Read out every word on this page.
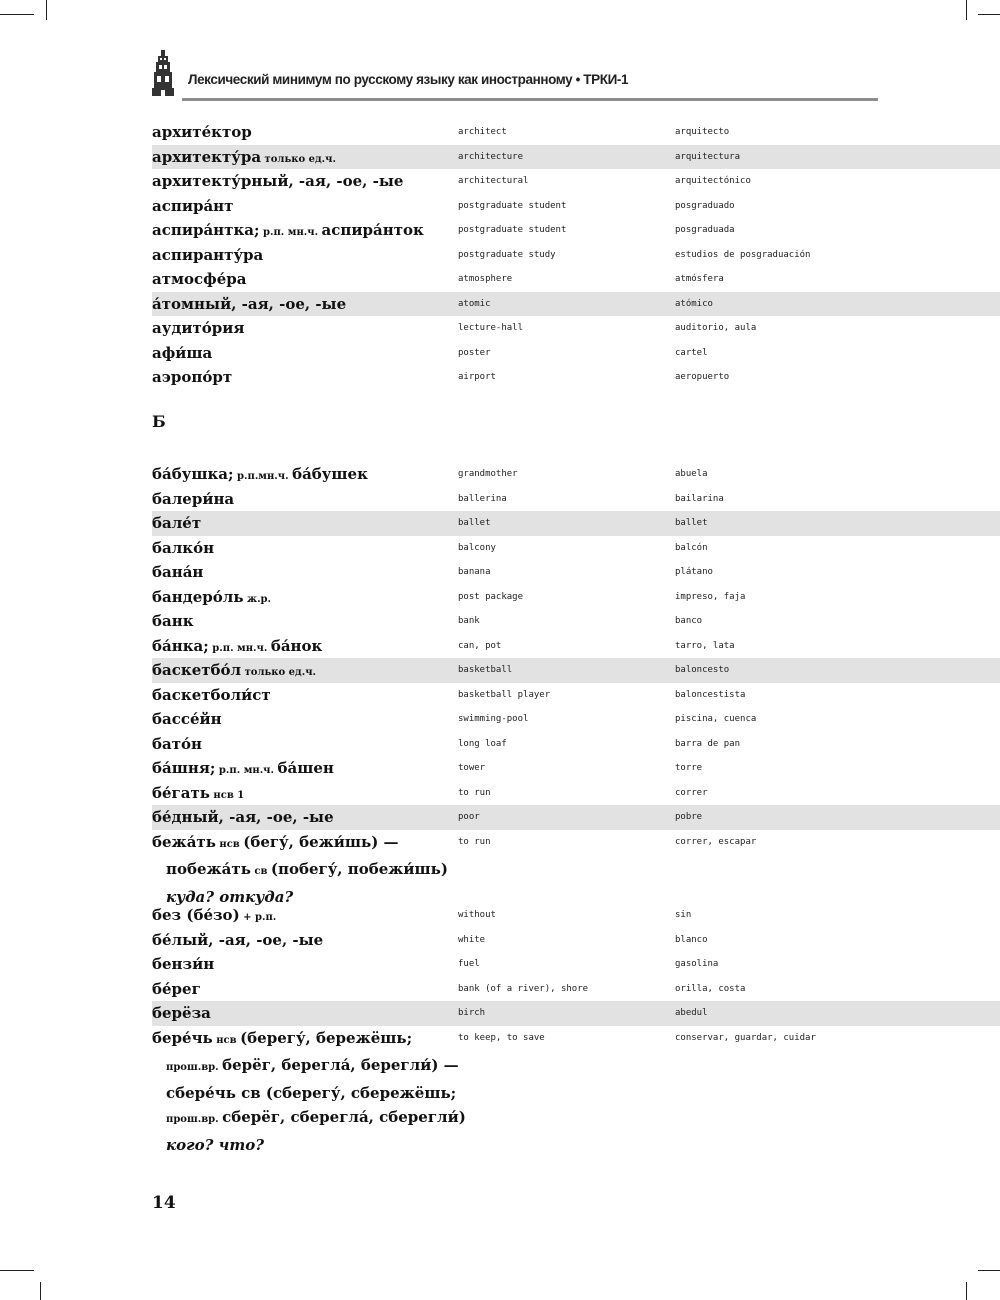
Лексический минимум по русскому языку как иностранному • ТРКИ-1
архите́ктор	architect	arquitecto
архитекту́ра только ед.ч.	architecture	arquitectura
архитекту́рный, -ая, -ое, -ые	architectural	arquitectónico
аспира́нт	postgraduate student	posgraduado
аспира́нтка; р.п. мн.ч. аспира́нток	postgraduate student	posgraduada
аспиранту́ра	postgraduate study	estudios de posgraduación
атмосфе́ра	atmosphere	atmósfera
а́томный, -ая, -ое, -ые	atomic	atómico
аудито́рия	lecture-hall	auditorio, aula
афи́ша	poster	cartel
аэропо́рт	airport	aeropuerto
Б
ба́бушка; р.п.мн.ч. ба́бушек	grandmother	abuela
балери́на	ballerina	bailarina
бале́т	ballet	ballet
балко́н	balcony	balcón
бана́н	banana	plátano
бандеро́ль ж.р.	post package	impreso, faja
банк	bank	banco
ба́нка; р.п. мн.ч. ба́нок	can, pot	tarro, lata
баскетбо́л только ед.ч.	basketball	baloncesto
баскетболи́ст	basketball player	baloncestista
бассе́йн	swimming-pool	piscina, cuenca
бато́н	long loaf	barra de pan
ба́шня; р.п. мн.ч. ба́шен	tower	torre
бе́гать нсв 1	to run	correr
бе́дный, -ая, -ое, -ые	poor	pobre
бежа́ть нсв (бегу́, бежи́шь) —
побежа́ть св (побегу́, побежи́шь)
куда? откуда?
to run	correr, escapar
без (бе́зо) + р.п.	without	sin
бе́лый, -ая, -ое, -ые	white	blanco
бензи́н	fuel	gasolina
бе́рег	bank (of a river), shore	orilla, costa
берёза	birch	abedul
бере́чь нсв (берегу́, бережёшь;
прош.вр. берёг, берегла́, берегли́) —
сбере́чь св (сберегу́, сбережёшь;
прош.вр. сберёг, сберегла́, сберегли́)
кого? что?
to keep, to save	conservar, guardar, cuidar
14
